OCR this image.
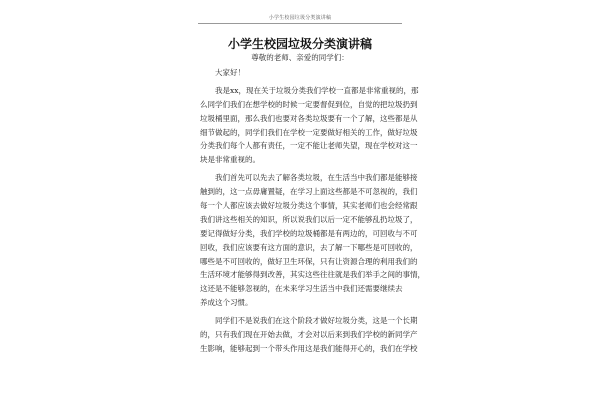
小学生校园垃圾分类演讲稿
小学生校园垃圾分类演讲稿
尊敬的老师、亲爱的同学们：
大家好！
我是xx，现在关于垃圾分类我们学校一直都是非常重视的，那
么同学们我们在想学校的时候一定要督促到位，自觉的把垃圾扔到
垃圾桶里面，那么我们也要对各类垃圾要有一个了解，这些都是从
细节做起的，同学们我们在学校一定要做好相关的工作，做好垃圾
分类我们每个人都有责任，一定不能让老师失望，现在学校对这一
块是非常重视的。
我们首先可以先去了解各类垃圾，在生活当中我们都是能够接
触到的，这一点毋庸置疑，在学习上面这些都是不可忽视的，我们
每一个人都应该去做好垃圾分类这个事情，其实老师们也会经常跟
我们讲这些相关的知识，所以说我们以后一定不能够乱扔垃圾了，
要记得做好分类，我们学校的垃圾桶都是有两边的，可回收与不可
回收，我们应该要有这方面的意识，去了解一下哪些是可回收的，
哪些是不可回收的，做好卫生环保，只有让资源合理的利用我们的
生活环境才能够得到改善，其实这些往往就是我们举手之间的事情，
这还是不能够忽视的，在未来学习生活当中我们还需要继续去
养成这个习惯。
同学们不是说我们在这个阶段才做好垃圾分类，这是一个长期
的，只有我们现在开始去做，才会对以后来到我们学校的新同学产
生影响，能够起到一个带头作用这是我们能得开心的，我们在学校
